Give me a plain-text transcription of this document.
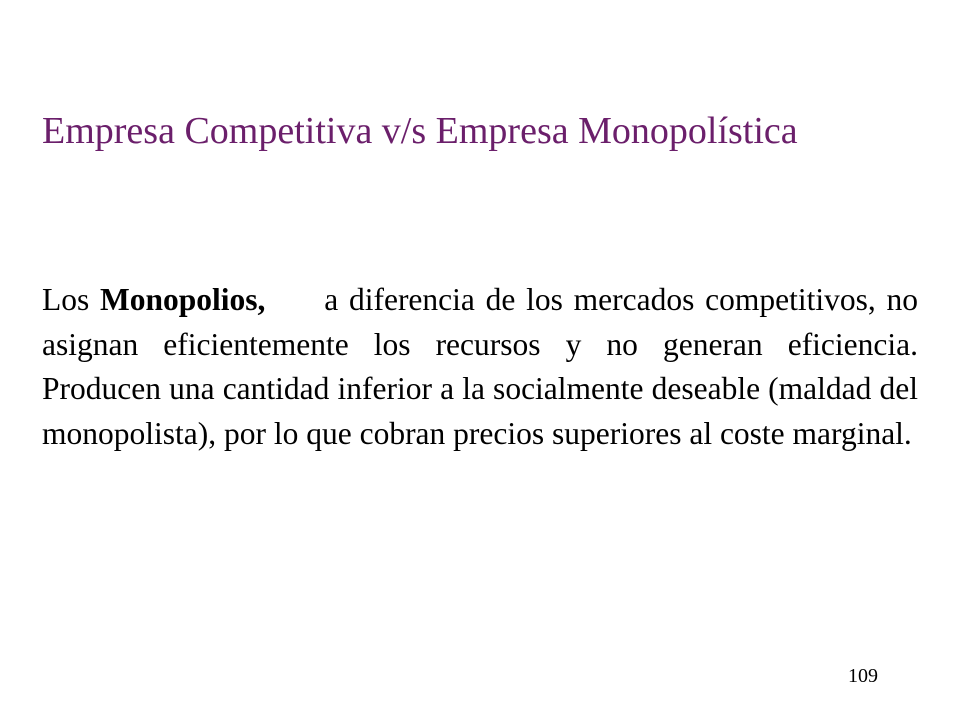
Empresa Competitiva v/s Empresa Monopolística

Los Monopolios, a diferencia de los mercados competitivos, no asignan eficientemente los recursos y no generan eficiencia. Producen una cantidad inferior a la socialmente deseable (maldad del monopolista), por lo que cobran precios superiores al coste marginal.

109
